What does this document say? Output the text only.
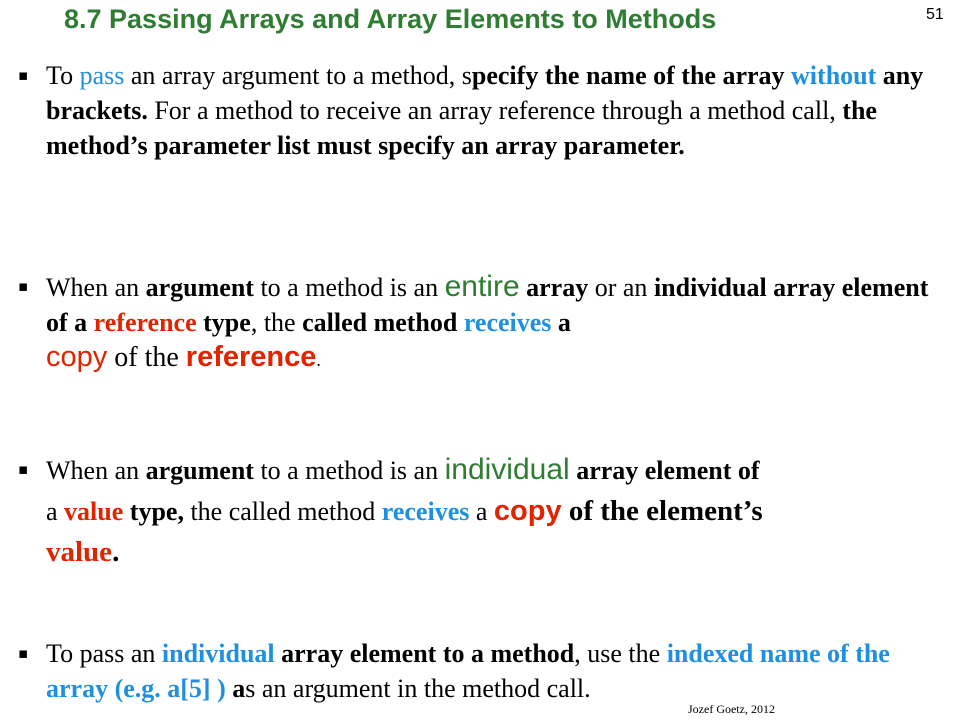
8.7 Passing Arrays and Array Elements to Methods	51
▪ To pass an array argument to a method, specify the name of the array without any brackets. For a method to receive an array reference through a method call, the method’s parameter list must specify an array parameter.
▪ When an argument to a method is an entire array or an individual array element of a reference type, the called method receives a
copy of the reference.
▪ When an argument to a method is an individual array element of
a value type, the called method receives a copy of the element’s
value.
▪ To pass an individual array element to a method, use the indexed name of the array (e.g. a[5] ) as an argument in the method call.
Jozef Goetz, 2012
